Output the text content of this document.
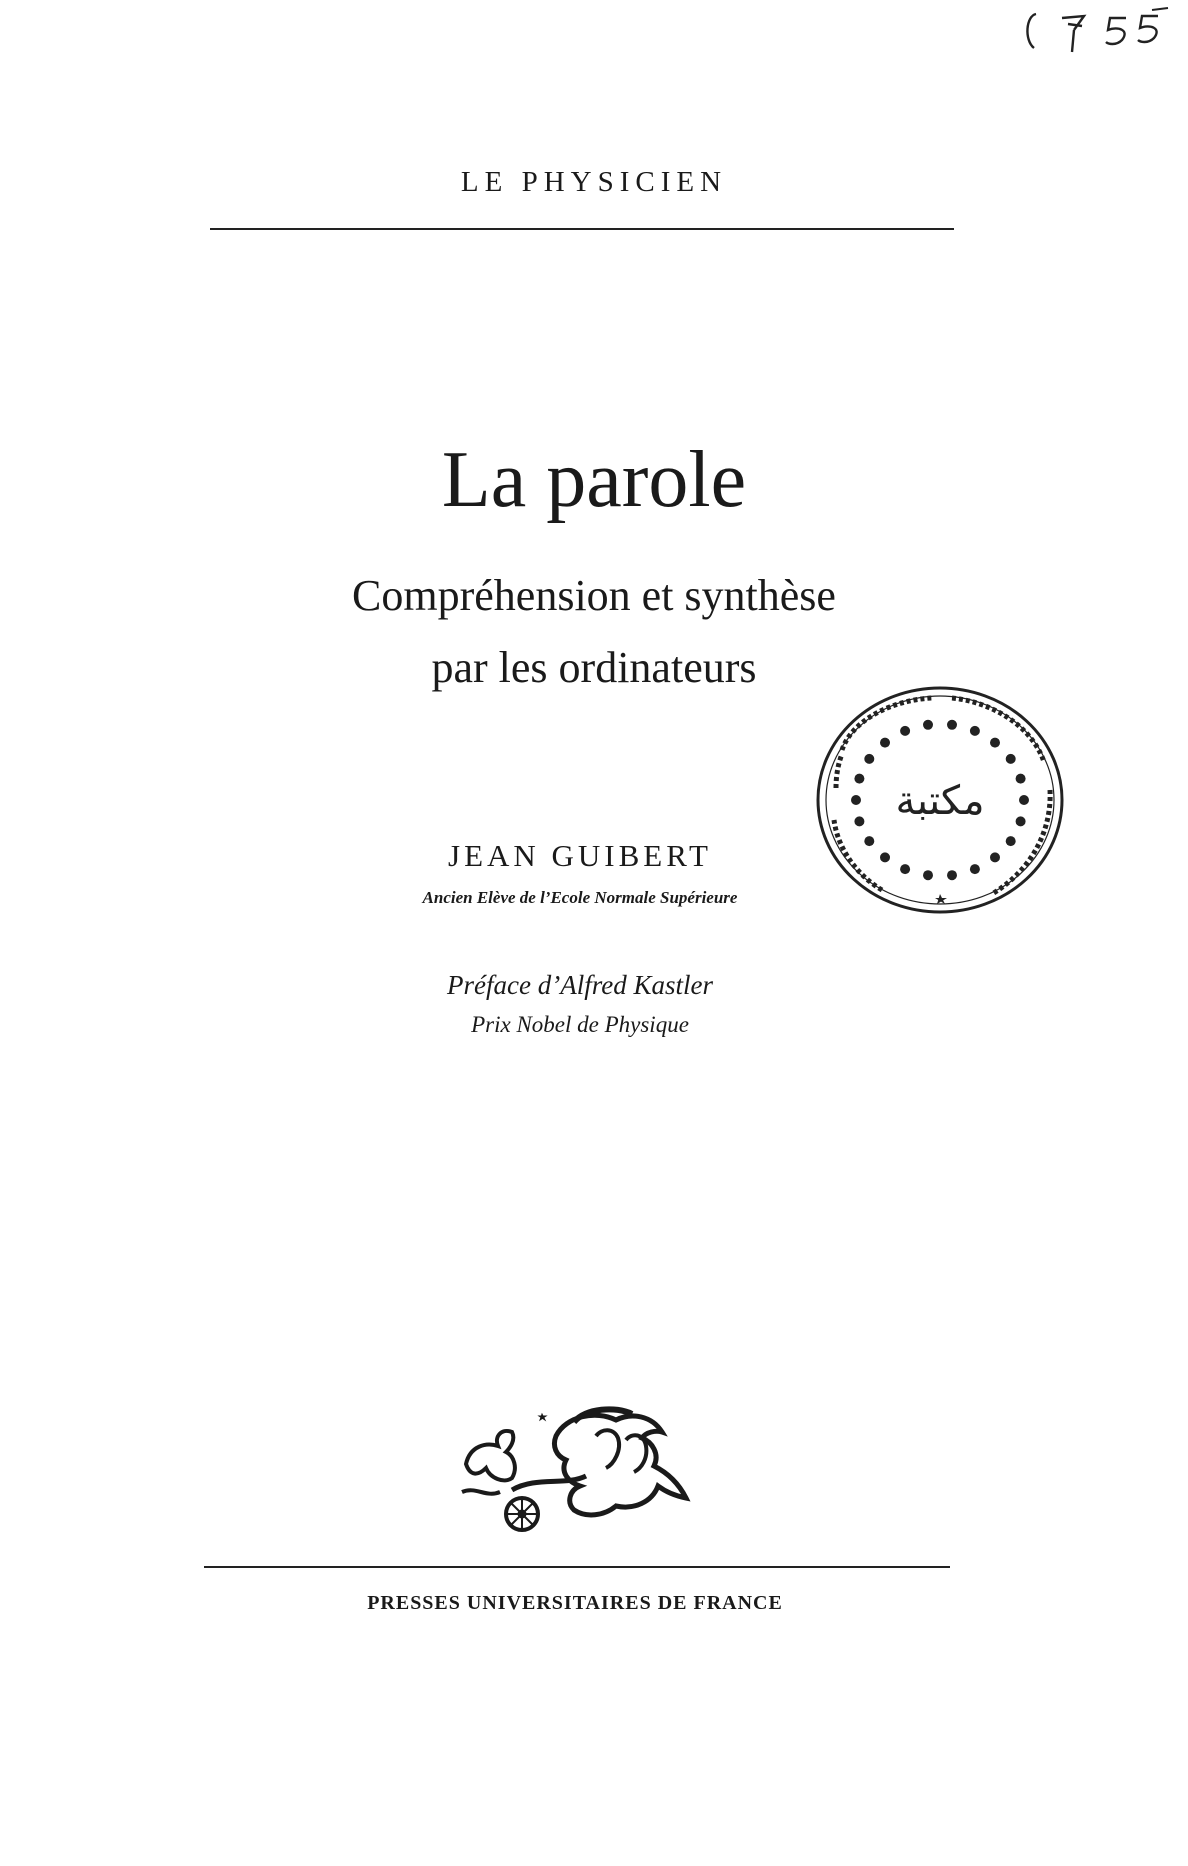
LE PHYSICIEN
La parole
Compréhension et synthèse
par les ordinateurs
مكتبة
JEAN GUIBERT
Ancien Elève de l’Ecole Normale Supérieure
Préface d’Alfred Kastler
Prix Nobel de Physique
PRESSES UNIVERSITAIRES DE FRANCE
